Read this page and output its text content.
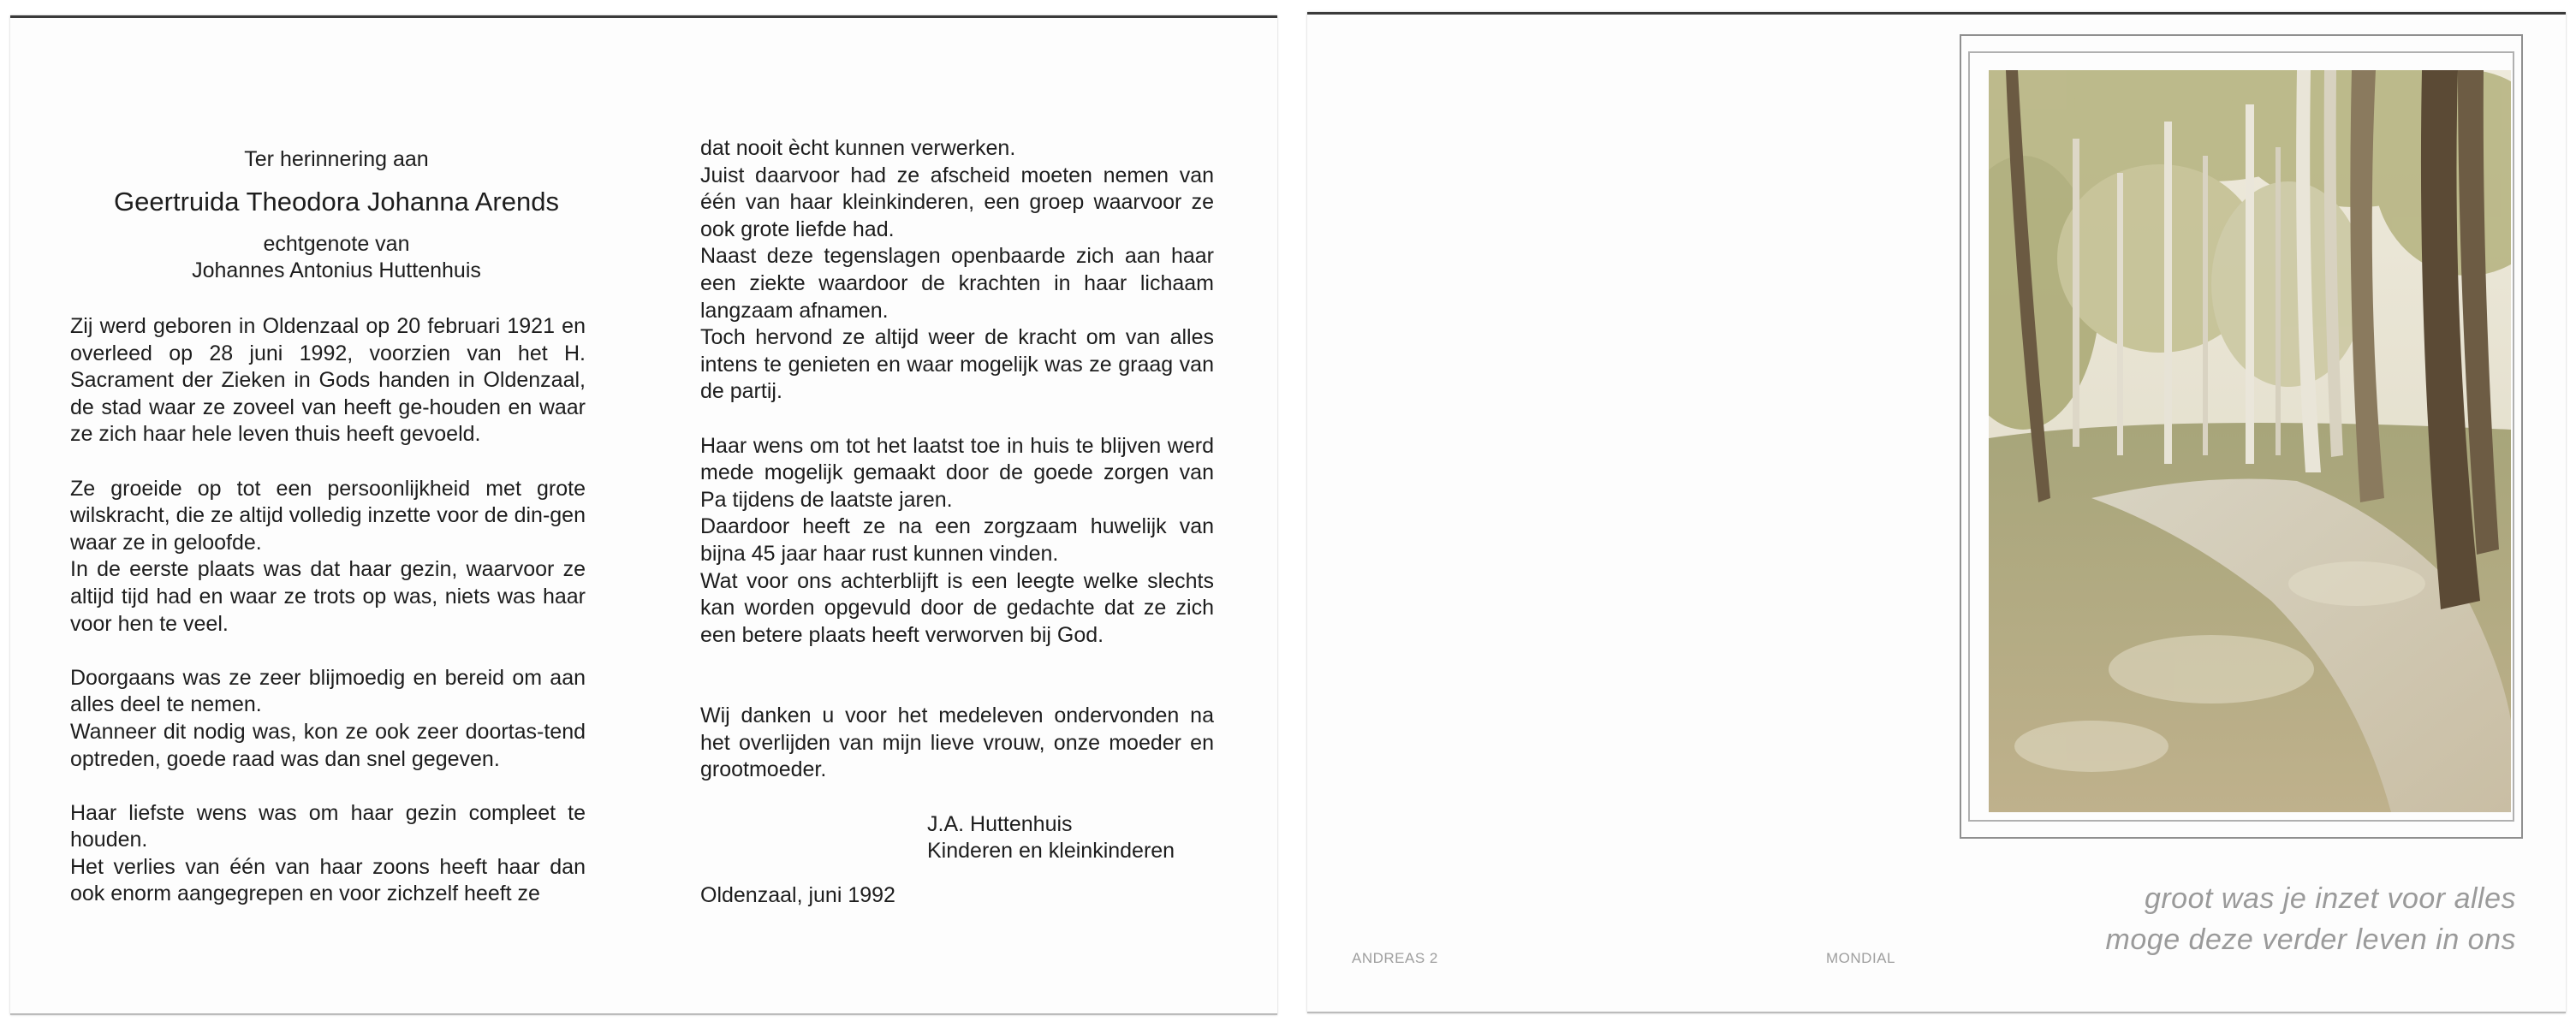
Ter herinnering aan
Geertruida Theodora Johanna Arends
echtgenote van
Johannes Antonius Huttenhuis

Zij werd geboren in Oldenzaal op 20 februari 1921 en overleed op 28 juni 1992, voorzien van het H. Sacrament der Zieken in Gods handen in Oldenzaal, de stad waar ze zoveel van heeft ge-houden en waar ze zich haar hele leven thuis heeft gevoeld.

Ze groeide op tot een persoonlijkheid met grote wilskracht, die ze altijd volledig inzette voor de din-gen waar ze in geloofde.

In de eerste plaats was dat haar gezin, waarvoor ze altijd tijd had en waar ze trots op was, niets was haar voor hen te veel.

Doorgaans was ze zeer blijmoedig en bereid om aan alles deel te nemen.

Wanneer dit nodig was, kon ze ook zeer doortas-tend optreden, goede raad was dan snel gegeven.

Haar liefste wens was om haar gezin compleet te houden.

Het verlies van één van haar zoons heeft haar dan ook enorm aangegrepen en voor zichzelf heeft ze

dat nooit ècht kunnen verwerken.
Juist daarvoor had ze afscheid moeten nemen van één van haar kleinkinderen, een groep waarvoor ze ook grote liefde had.
Naast deze tegenslagen openbaarde zich aan haar een ziekte waardoor de krachten in haar lichaam langzaam afnamen.

Toch hervond ze altijd weer de kracht om van alles intens te genieten en waar mogelijk was ze graag van de partij.

Haar wens om tot het laatst toe in huis te blijven werd mede mogelijk gemaakt door de goede zorgen van Pa tijdens de laatste jaren.
Daardoor heeft ze na een zorgzaam huwelijk van bijna 45 jaar haar rust kunnen vinden.

Wat voor ons achterblijft is een leegte welke slechts kan worden opgevuld door de gedachte dat ze zich een betere plaats heeft verworven bij God.

Wij danken u voor het medeleven ondervonden na het overlijden van mijn lieve vrouw, onze moeder en grootmoeder.

J.A. Huttenhuis
Kinderen en kleinkinderen
Oldenzaal, juni 1992	groot was je inzet voor alles
moge deze verder leven in ons
ANDREAS 2	MONDIAL
